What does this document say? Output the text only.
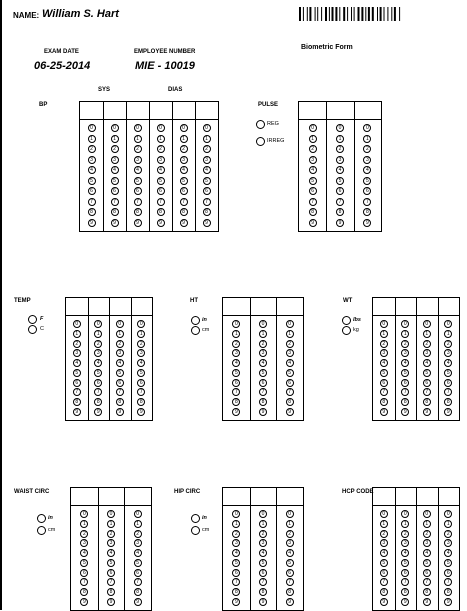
NAME: William S. Hart
Biometric Form
EXAM DATE
06-25-2014
EMPLOYEE NUMBER
MIE - 10019
BP
SYS	DIAS
0
1
2
3
4
5
6
7
8
9
0
1
2
3
4
5
6
7
8
9
0
1
2
3
4
5
6
7
8
9
0
1
2
3
4
5
6
7
8
9
0
1
2
3
4
5
6
7
8
9
0
1
2
3
4
5
6
7
8
9
PULSE
REG
IRREG
0
1
2
3
4
5
6
7
8
9
0
1
2
3
4
5
6
7
8
9
0
1
2
3
4
5
6
7
8
9
TEMP
F
C
0
1
2
3
4
5
6
7
8
9
0
1
2
3
4
5
6
7
8
9
0
1
2
3
4
5
6
7
8
9
0
1
2
3
4
5
6
7
8
9
HT
in
cm
0
1
2
3
4
5
6
7
8
9
0
1
2
3
4
5
6
7
8
9
0
1
2
3
4
5
6
7
8
9
WT
lbs
kg
0
1
2
3
4
5
6
7
8
9
0
1
2
3
4
5
6
7
8
9
0
1
2
3
4
5
6
7
8
9
0
1
2
3
4
5
6
7
8
9
WAIST CIRC
in
cm
0
1
2
3
4
5
6
7
8
9
0
1
2
3
4
5
6
7
8
9
0
1
2
3
4
5
6
7
8
9
HIP CIRC
in
cm
0
1
2
3
4
5
6
7
8
9
0
1
2
3
4
5
6
7
8
9
0
1
2
3
4
5
6
7
8
9
HCP CODE
0
1
2
3
4
5
6
7
8
9
0
1
2
3
4
5
6
7
8
9
0
1
2
3
4
5
6
7
8
9
0
1
2
3
4
5
6
7
8
9
